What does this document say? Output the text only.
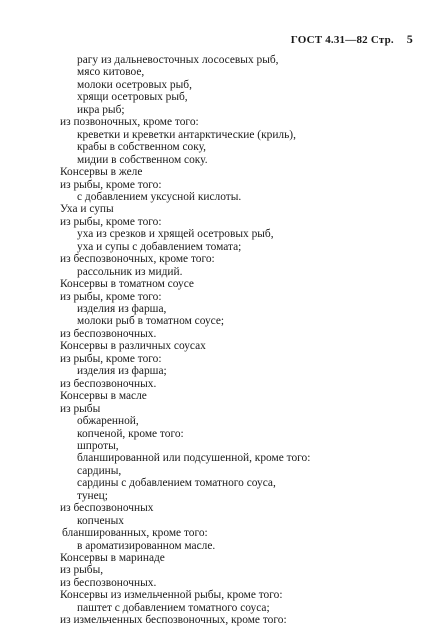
ГОСТ 4.31—82 Стр. 5
рагу из дальневосточных лососевых рыб,
мясо китовое,
молоки осетровых рыб,
хрящи осетровых рыб,
икра рыб;
из позвоночных, кроме того:
креветки и креветки антарктические (криль),
крабы в собственном соку,
мидии в собственном соку.
Консервы в желе
из рыбы, кроме того:
с добавлением уксусной кислоты.
Уха и супы
из рыбы, кроме того:
уха из срезков и хрящей осетровых рыб,
уха и супы с добавлением томата;
из беспозвоночных, кроме того:
рассольник из мидий.
Консервы в томатном соусе
из рыбы, кроме того:
изделия из фарша,
молоки рыб в томатном соусе;
из беспозвоночных.
Консервы в различных соусах
из рыбы, кроме того:
изделия из фарша;
из беспозвоночных.
Консервы в масле
из рыбы
обжаренной,
копченой, кроме того:
шпроты,
бланшированной или подсушенной, кроме того:
сардины,
сардины с добавлением томатного соуса,
тунец;
из беспозвоночных
копченых
бланшированных, кроме того:
в ароматизированном масле.
Консервы в маринаде
из рыбы,
из беспозвоночных.
Консервы из измельченной рыбы, кроме того:
паштет с добавлением томатного соуса;
из измельченных беспозвоночных, кроме того:
